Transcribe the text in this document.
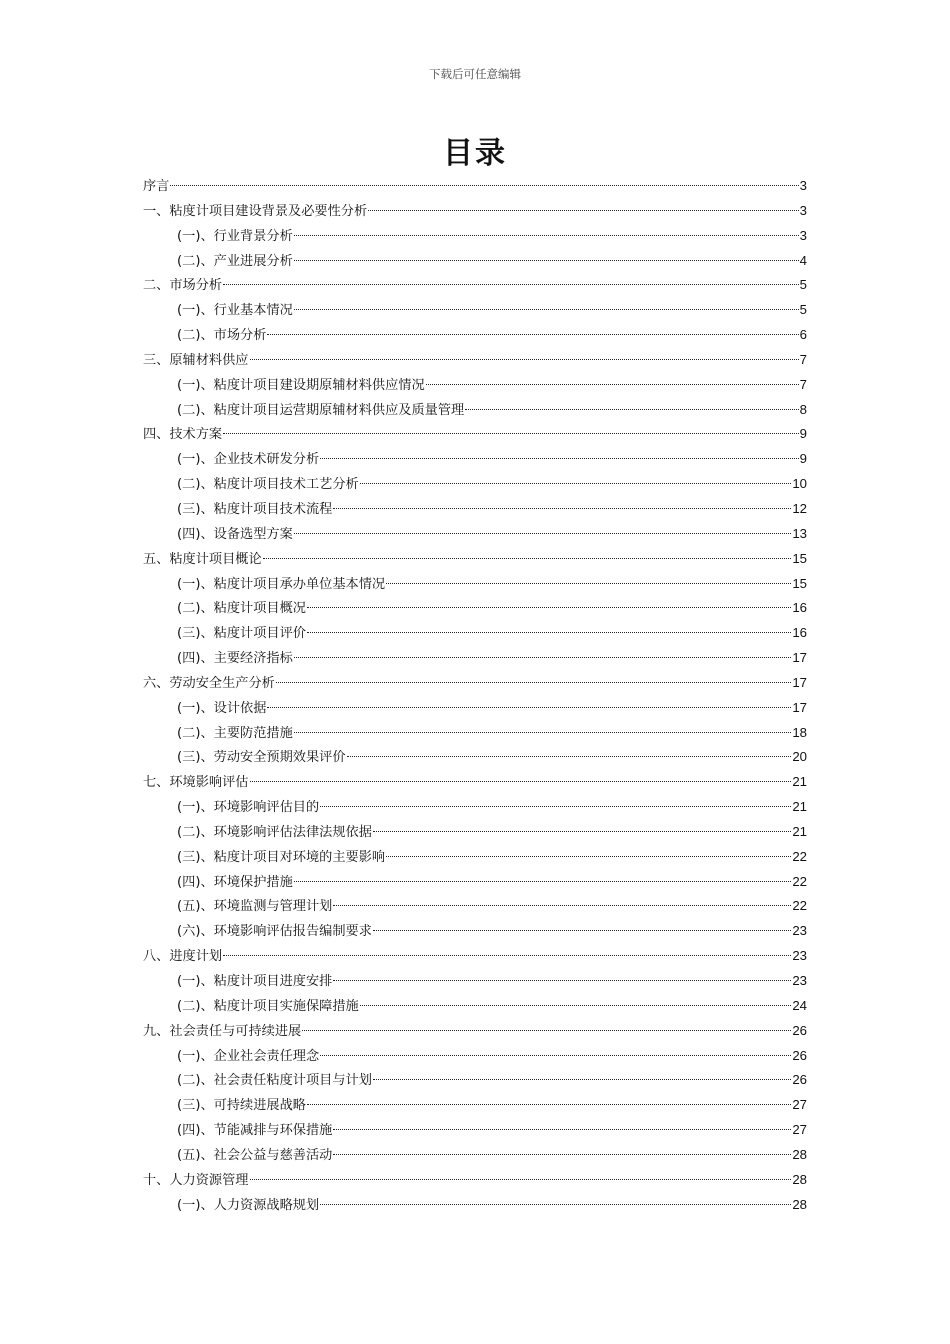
下载后可任意编辑
目录
序言	3
一、粘度计项目建设背景及必要性分析	3
(一)、行业背景分析	3
(二)、产业进展分析	4
二、市场分析	5
(一)、行业基本情况	5
(二)、市场分析	6
三、原辅材料供应	7
(一)、粘度计项目建设期原辅材料供应情况	7
(二)、粘度计项目运营期原辅材料供应及质量管理	8
四、技术方案	9
(一)、企业技术研发分析	9
(二)、粘度计项目技术工艺分析	10
(三)、粘度计项目技术流程	12
(四)、设备选型方案	13
五、粘度计项目概论	15
(一)、粘度计项目承办单位基本情况	15
(二)、粘度计项目概况	16
(三)、粘度计项目评价	16
(四)、主要经济指标	17
六、劳动安全生产分析	17
(一)、设计依据	17
(二)、主要防范措施	18
(三)、劳动安全预期效果评价	20
七、环境影响评估	21
(一)、环境影响评估目的	21
(二)、环境影响评估法律法规依据	21
(三)、粘度计项目对环境的主要影响	22
(四)、环境保护措施	22
(五)、环境监测与管理计划	22
(六)、环境影响评估报告编制要求	23
八、进度计划	23
(一)、粘度计项目进度安排	23
(二)、粘度计项目实施保障措施	24
九、社会责任与可持续进展	26
(一)、企业社会责任理念	26
(二)、社会责任粘度计项目与计划	26
(三)、可持续进展战略	27
(四)、节能减排与环保措施	27
(五)、社会公益与慈善活动	28
十、人力资源管理	28
(一)、人力资源战略规划	28
